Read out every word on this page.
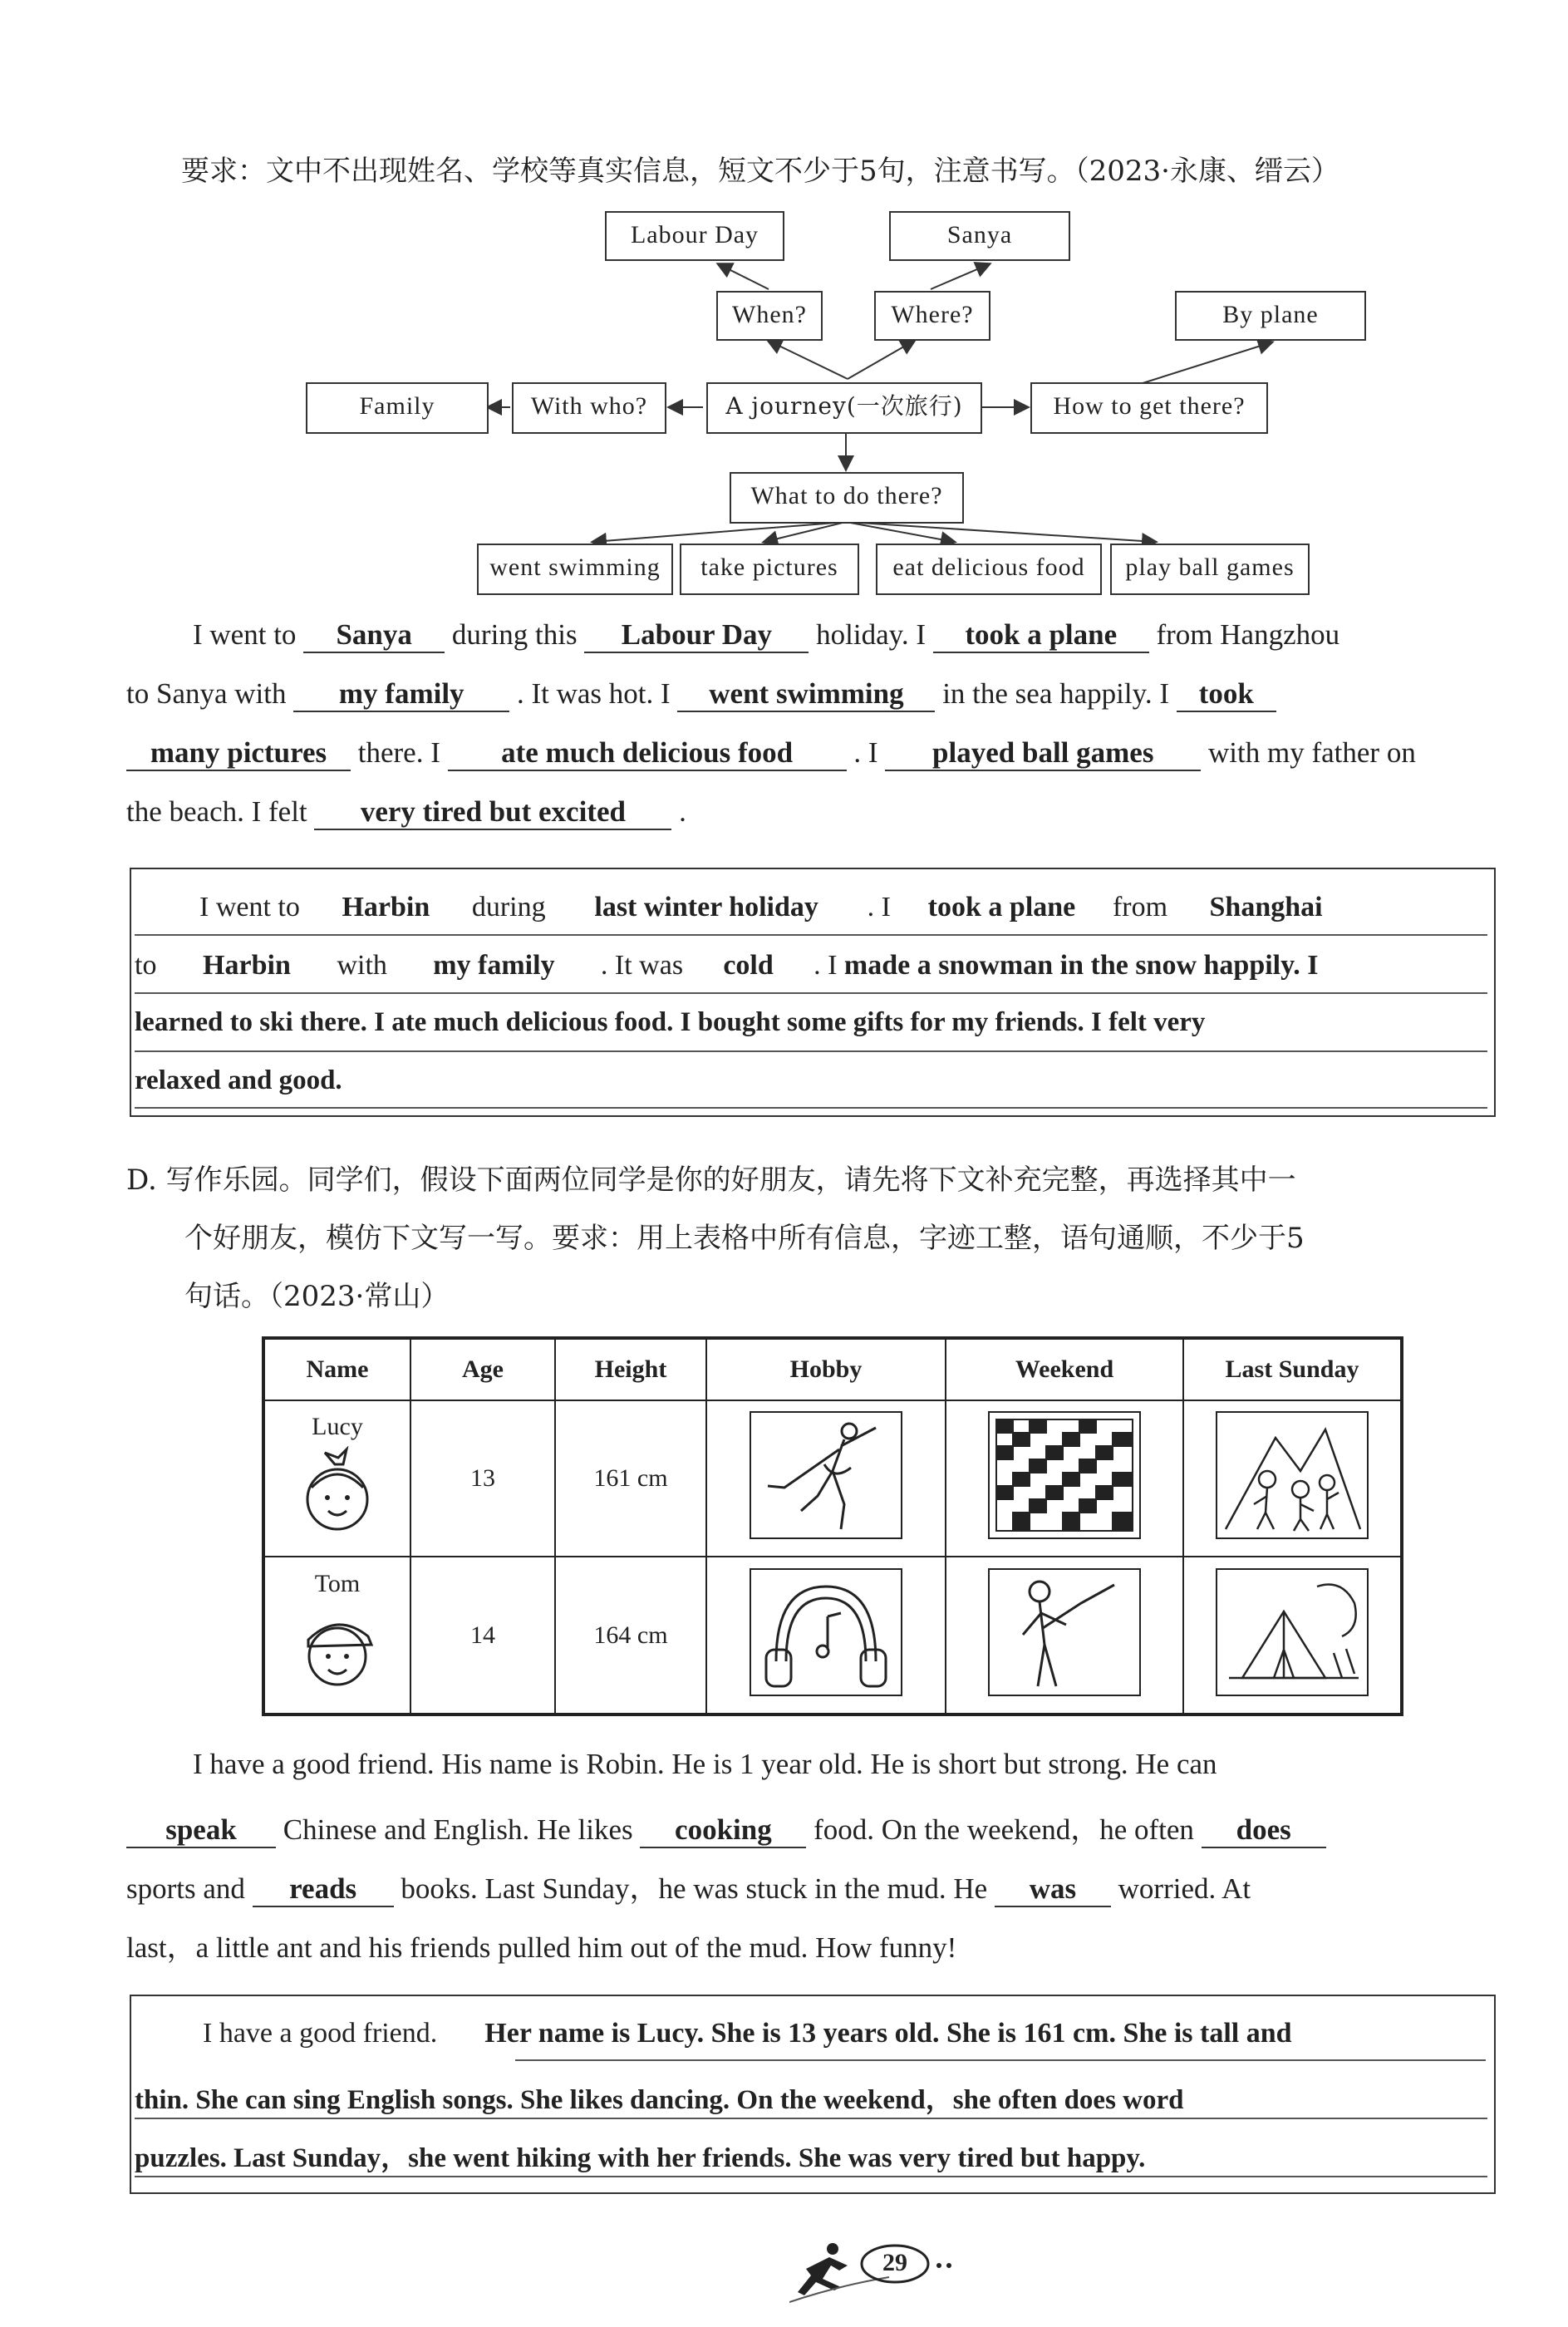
要求：文中不出现姓名、学校等真实信息，短文不少于5句，注意书写。（2023·永康、缙云）
Labour Day	Sanya
When?	Where?	By plane
Family	With who?	A journey(一次旅行)	How to get there?
What to do there?
went swimming	take pictures	eat delicious food	play ball games
I went to Sanya during this Labour Day holiday. I took a plane from Hangzhou
to Sanya with my family . It was hot. I went swimming in the sea happily. I took
many pictures there. I ate much delicious food . I played ball games with my father on
the beach. I felt very tired but excited .
I went to Harbin during last winter holiday . I took a plane from Shanghai
to Harbin with my family . It was cold . I made a snowman in the snow happily. I
learned to ski there. I ate much delicious food. I bought some gifts for my friends. I felt very
relaxed and good.
D. 写作乐园。同学们，假设下面两位同学是你的好朋友，请先将下文补充完整，再选择其中一
个好朋友，模仿下文写一写。要求：用上表格中所有信息，字迹工整，语句通顺，不少于5
句话。（2023·常山）
Name	Age	Height	Hobby	Weekend	Last Sunday

Lucy	13	161 cm			

Tom	14	164 cm			
I have a good friend. His name is Robin. He is 1 year old. He is short but strong. He can
speak Chinese and English. He likes cooking food. On the weekend，he often does
sports and reads books. Last Sunday，he was stuck in the mud. He was worried. At
last，a little ant and his friends pulled him out of the mud. How funny!
I have a good friend. Her name is Lucy. She is 13 years old. She is 161 cm. She is tall and
thin. She can sing English songs. She likes dancing. On the weekend，she often does word
puzzles. Last Sunday，she went hiking with her friends. She was very tired but happy.
29
